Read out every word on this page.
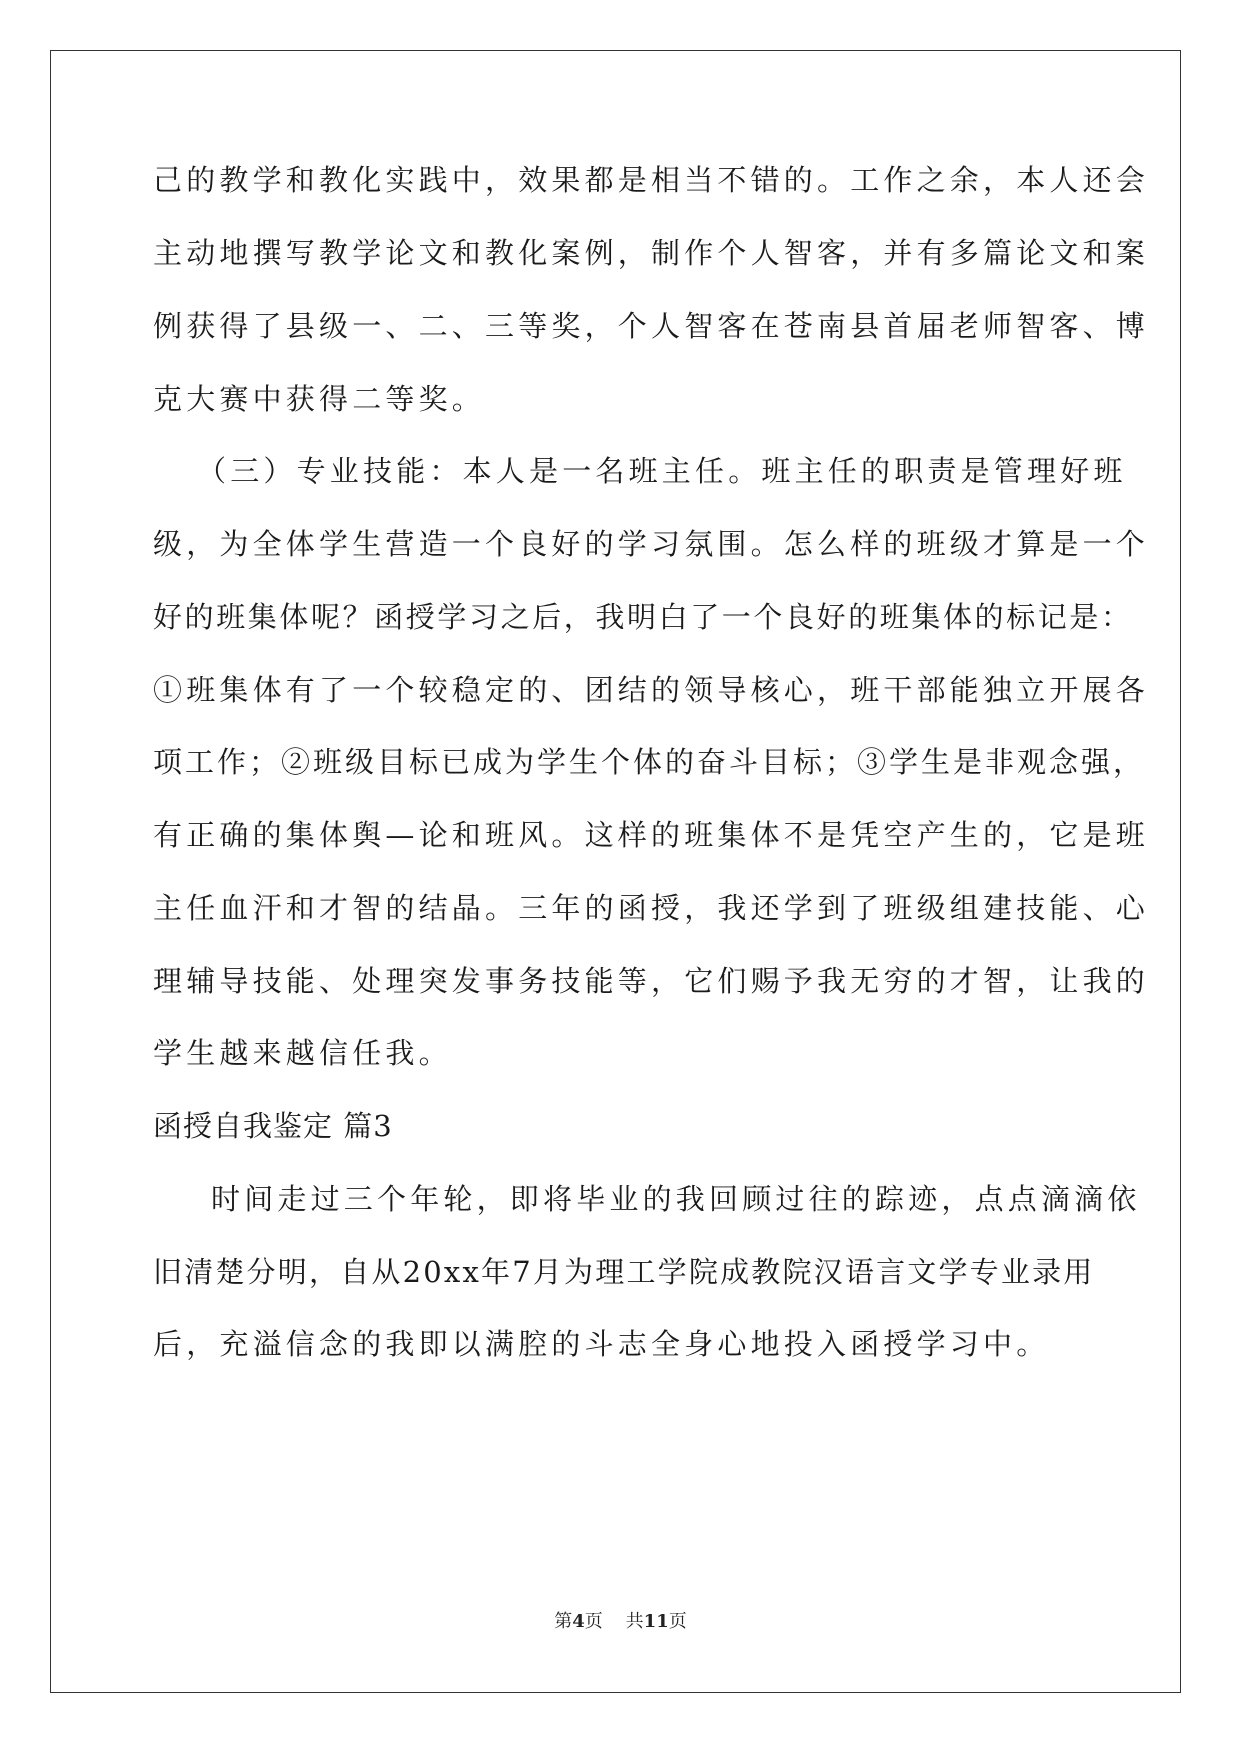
己的教学和教化实践中，效果都是相当不错的。工作之余，本人还会
主动地撰写教学论文和教化案例，制作个人智客，并有多篇论文和案
例获得了县级一、二、三等奖，个人智客在苍南县首届老师智客、博
克大赛中获得二等奖。
（三）专业技能：本人是一名班主任。班主任的职责是管理好班
级，为全体学生营造一个良好的学习氛围。怎么样的班级才算是一个
好的班集体呢？函授学习之后，我明白了一个良好的班集体的标记是：
①班集体有了一个较稳定的、团结的领导核心，班干部能独立开展各
项工作；②班级目标已成为学生个体的奋斗目标；③学生是非观念强，
有正确的集体舆—论和班风。这样的班集体不是凭空产生的，它是班
主任血汗和才智的结晶。三年的函授，我还学到了班级组建技能、心
理辅导技能、处理突发事务技能等，它们赐予我无穷的才智，让我的
学生越来越信任我。
函授自我鉴定 篇3
时间走过三个年轮，即将毕业的我回顾过往的踪迹，点点滴滴依
旧清楚分明，自从20xx年7月为理工学院成教院汉语言文学专业录用
后，充溢信念的我即以满腔的斗志全身心地投入函授学习中。
第4页 共11页
